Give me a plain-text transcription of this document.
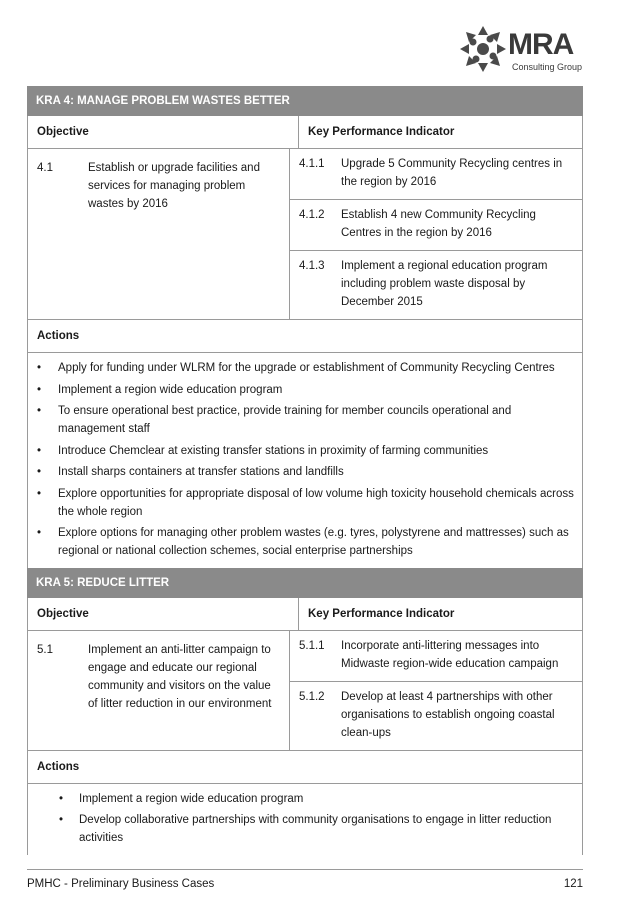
MRA
Consulting Group
KRA 4: MANAGE PROBLEM WASTES BETTER
Objective	Key Performance Indicator
4.1	Establish or upgrade facilities and services for managing problem wastes by 2016
4.1.1	Upgrade 5 Community Recycling centres in the region by 2016
4.1.2	Establish 4 new Community Recycling Centres in the region by 2016
4.1.3	Implement a regional education program including problem waste disposal by December 2015
Actions
• Apply for funding under WLRM for the upgrade or establishment of Community Recycling Centres
• Implement a region wide education program
• To ensure operational best practice, provide training for member councils operational and management staff
• Introduce Chemclear at existing transfer stations in proximity of farming communities
• Install sharps containers at transfer stations and landfills
• Explore opportunities for appropriate disposal of low volume high toxicity household chemicals across the whole region
• Explore options for managing other problem wastes (e.g. tyres, polystyrene and mattresses) such as regional or national collection schemes, social enterprise partnerships
KRA 5: REDUCE LITTER
Objective	Key Performance Indicator
5.1	Implement an anti-litter campaign to engage and educate our regional community and visitors on the value of litter reduction in our environment
5.1.1	Incorporate anti-littering messages into Midwaste region-wide education campaign
5.1.2	Develop at least 4 partnerships with other organisations to establish ongoing coastal clean-ups
Actions
• Implement a region wide education program
• Develop collaborative partnerships with community organisations to engage in litter reduction activities
PMHC - Preliminary Business Cases	121
